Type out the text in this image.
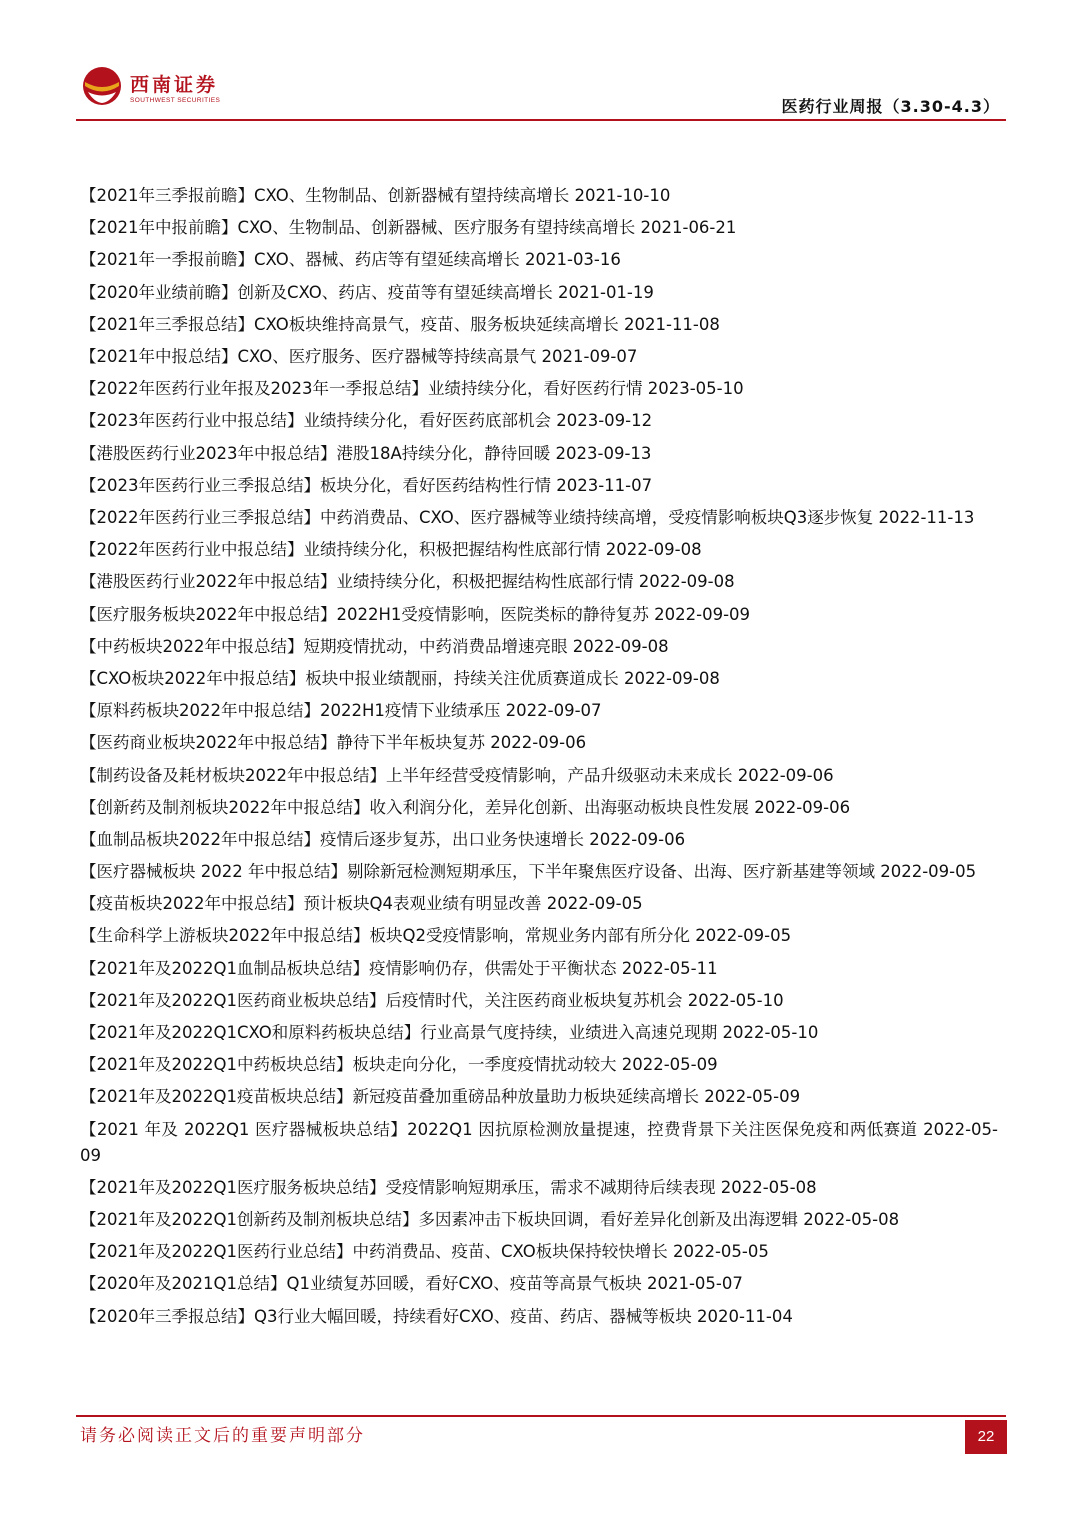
西南证券
SOUTHWEST SECURITIES	医药行业周报（3.30-4.3）
【2021年三季报前瞻】CXO、生物制品、创新器械有望持续高增长 2021-10-10
【2021年中报前瞻】CXO、生物制品、创新器械、医疗服务有望持续高增长 2021-06-21
【2021年一季报前瞻】CXO、器械、药店等有望延续高增长 2021-03-16
【2020年业绩前瞻】创新及CXO、药店、疫苗等有望延续高增长 2021-01-19
【2021年三季报总结】CXO板块维持高景气，疫苗、服务板块延续高增长 2021-11-08
【2021年中报总结】CXO、医疗服务、医疗器械等持续高景气 2021-09-07
【2022年医药行业年报及2023年一季报总结】业绩持续分化，看好医药行情 2023-05-10
【2023年医药行业中报总结】业绩持续分化，看好医药底部机会 2023-09-12
【港股医药行业2023年中报总结】港股18A持续分化，静待回暖 2023-09-13
【2023年医药行业三季报总结】板块分化，看好医药结构性行情 2023-11-07
【2022年医药行业三季报总结】中药消费品、CXO、医疗器械等业绩持续高增，受疫情影响板块Q3逐步恢复 2022-11-13
【2022年医药行业中报总结】业绩持续分化，积极把握结构性底部行情 2022-09-08
【港股医药行业2022年中报总结】业绩持续分化，积极把握结构性底部行情 2022-09-08
【医疗服务板块2022年中报总结】2022H1受疫情影响，医院类标的静待复苏 2022-09-09
【中药板块2022年中报总结】短期疫情扰动，中药消费品增速亮眼 2022-09-08
【CXO板块2022年中报总结】板块中报业绩靓丽，持续关注优质赛道成长 2022-09-08
【原料药板块2022年中报总结】2022H1疫情下业绩承压 2022-09-07
【医药商业板块2022年中报总结】静待下半年板块复苏 2022-09-06
【制药设备及耗材板块2022年中报总结】上半年经营受疫情影响，产品升级驱动未来成长 2022-09-06
【创新药及制剂板块2022年中报总结】收入利润分化，差异化创新、出海驱动板块良性发展 2022-09-06
【血制品板块2022年中报总结】疫情后逐步复苏，出口业务快速增长 2022-09-06
【医疗器械板块 2022 年中报总结】剔除新冠检测短期承压，下半年聚焦医疗设备、出海、医疗新基建等领域 2022-09-05
【疫苗板块2022年中报总结】预计板块Q4表观业绩有明显改善 2022-09-05
【生命科学上游板块2022年中报总结】板块Q2受疫情影响，常规业务内部有所分化 2022-09-05
【2021年及2022Q1血制品板块总结】疫情影响仍存，供需处于平衡状态 2022-05-11
【2021年及2022Q1医药商业板块总结】后疫情时代，关注医药商业板块复苏机会 2022-05-10
【2021年及2022Q1CXO和原料药板块总结】行业高景气度持续，业绩进入高速兑现期 2022-05-10
【2021年及2022Q1中药板块总结】板块走向分化，一季度疫情扰动较大 2022-05-09
【2021年及2022Q1疫苗板块总结】新冠疫苗叠加重磅品种放量助力板块延续高增长 2022-05-09
【2021 年及 2022Q1 医疗器械板块总结】2022Q1 因抗原检测放量提速，控费背景下关注医保免疫和两低赛道 2022-05-09
【2021年及2022Q1医疗服务板块总结】受疫情影响短期承压，需求不减期待后续表现 2022-05-08
【2021年及2022Q1创新药及制剂板块总结】多因素冲击下板块回调，看好差异化创新及出海逻辑 2022-05-08
【2021年及2022Q1医药行业总结】中药消费品、疫苗、CXO板块保持较快增长 2022-05-05
【2020年及2021Q1总结】Q1业绩复苏回暖，看好CXO、疫苗等高景气板块 2021-05-07
【2020年三季报总结】Q3行业大幅回暖，持续看好CXO、疫苗、药店、器械等板块 2020-11-04
请务必阅读正文后的重要声明部分	22
